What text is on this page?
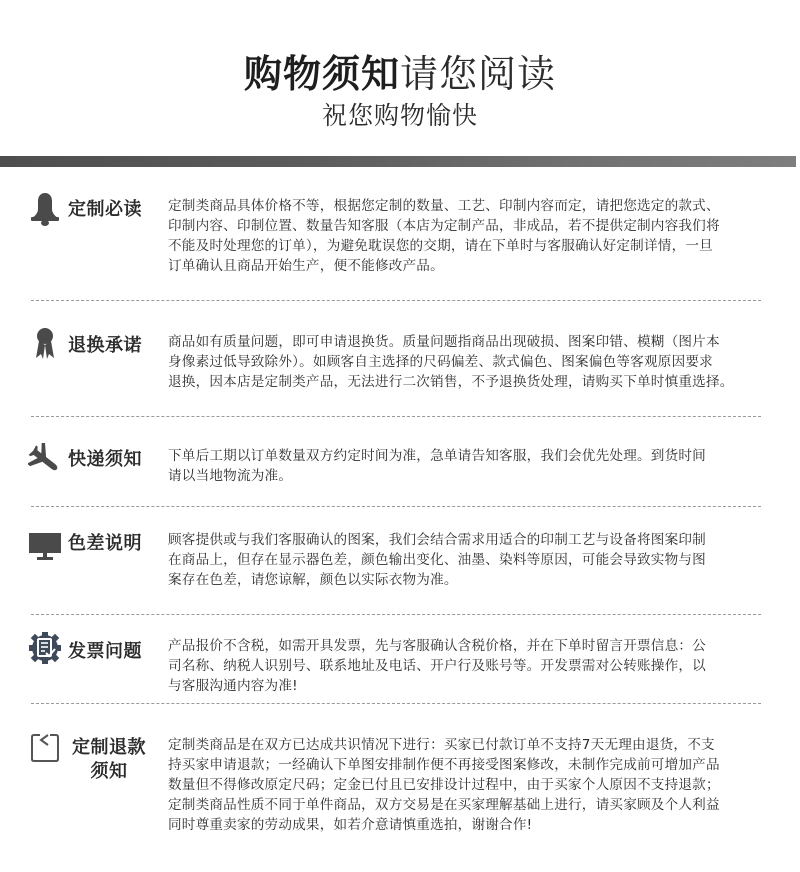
购物须知请您阅读
祝您购物愉快
定制必读 定制类商品具体价格不等，根据您定制的数量、工艺、印制内容而定，请把您选定的款式、

印制内容、印制位置、数量告知客服（本店为定制产品，非成品，若不提供定制内容我们将

不能及时处理您的订单），为避免耽误您的交期，请在下单时与客服确认好定制详情，一旦

订单确认且商品开始生产，便不能修改产品。

退换承诺 商品如有质量问题，即可申请退换货。质量问题指商品出现破损、图案印错、模糊（图片本

身像素过低导致除外）。如顾客自主选择的尺码偏差、款式偏色、图案偏色等客观原因要求

退换，因本店是定制类产品，无法进行二次销售，不予退换货处理，请购买下单时慎重选择。

快递须知 下单后工期以订单数量双方约定时间为准，急单请告知客服，我们会优先处理。到货时间

请以当地物流为准。

色差说明 顾客提供或与我们客服确认的图案，我们会结合需求用适合的印制工艺与设备将图案印制

在商品上，但存在显示器色差，颜色输出变化、油墨、染料等原因，可能会导致实物与图

案存在色差，请您谅解，颜色以实际衣物为准。

发票问题 产品报价不含税，如需开具发票，先与客服确认含税价格，并在下单时留言开票信息：公

司名称、纳税人识别号、联系地址及电话、开户行及账号等。开发票需对公转账操作，以

与客服沟通内容为准!

定制退款
须知

定制类商品是在双方已达成共识情况下进行：买家已付款订单不支持7天无理由退货，不支

持买家申请退款；一经确认下单图安排制作便不再接受图案修改，未制作完成前可增加产品

数量但不得修改原定尺码；定金已付且已安排设计过程中，由于买家个人原因不支持退款；

定制类商品性质不同于单件商品，双方交易是在买家理解基础上进行，请买家顾及个人利益

同时尊重卖家的劳动成果，如若介意请慎重选拍，谢谢合作!
